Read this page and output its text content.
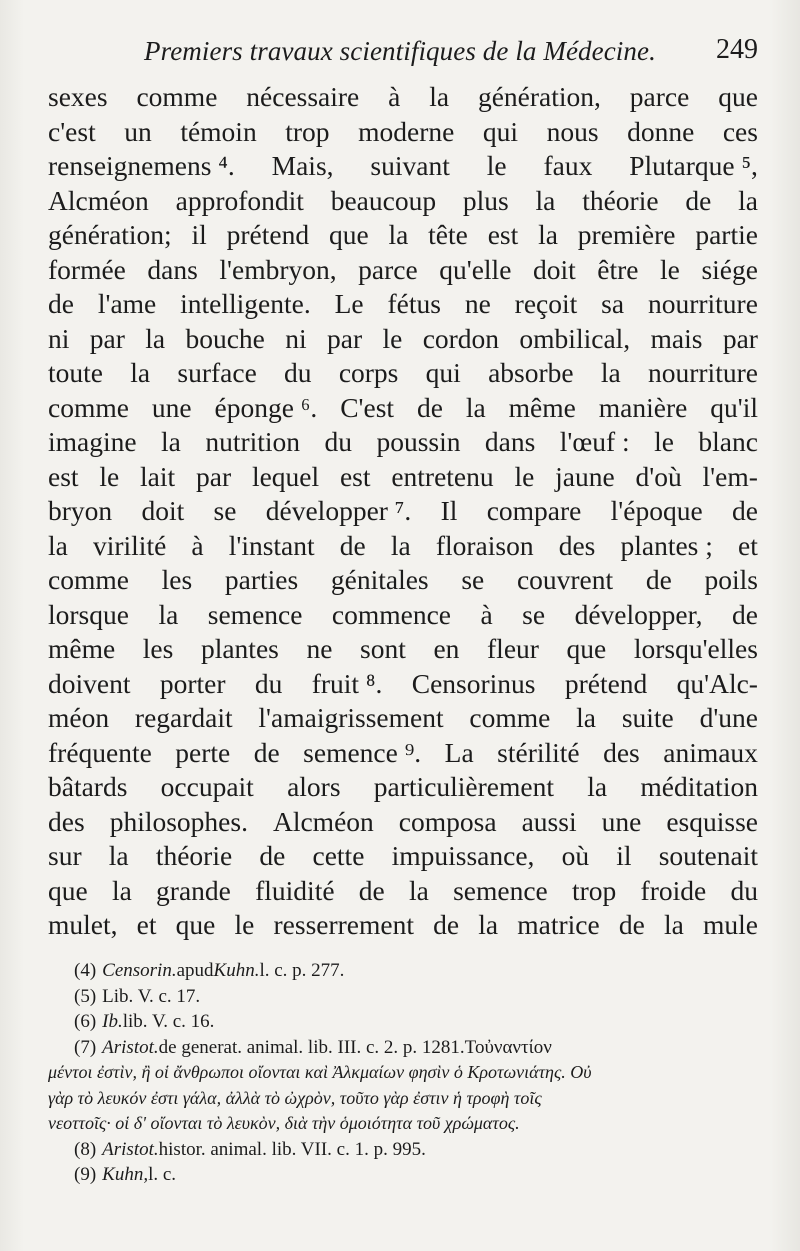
Premiers travaux scientifiques de la Médecine. 249
sexes comme nécessaire à la génération, parce que
c'est un témoin trop moderne qui nous donne ces
renseignemens ⁴. Mais, suivant le faux Plutarque ⁵,
Alcméon approfondit beaucoup plus la théorie de la
génération; il prétend que la tête est la première partie
formée dans l'embryon, parce qu'elle doit être le siége
de l'ame intelligente. Le fétus ne reçoit sa nourriture
ni par la bouche ni par le cordon ombilical, mais par
toute la surface du corps qui absorbe la nourriture
comme une éponge ⁶. C'est de la même manière qu'il
imagine la nutrition du poussin dans l'œuf : le blanc
est le lait par lequel est entretenu le jaune d'où l'em-
bryon doit se développer ⁷. Il compare l'époque de
la virilité à l'instant de la floraison des plantes ; et
comme les parties génitales se couvrent de poils
lorsque la semence commence à se développer, de
même les plantes ne sont en fleur que lorsqu'elles
doivent porter du fruit ⁸. Censorinus prétend qu'Alc-
méon regardait l'amaigrissement comme la suite d'une
fréquente perte de semence ⁹. La stérilité des animaux
bâtards occupait alors particulièrement la méditation
des philosophes. Alcméon composa aussi une esquisse
sur la théorie de cette impuissance, où il soutenait
que la grande fluidité de la semence trop froide du
mulet, et que le resserrement de la matrice de la mule
(4) Censorin. apud Kuhn. l. c. p. 277.
(5) Lib. V. c. 17.
(6) Ib. lib. V. c. 16.
(7) Aristot. de generat. animal. lib. III. c. 2. p. 1281. Τοὐναντίον
μέντοι ἐστὶν, ἢ οἱ ἄνθρωποι οἴονται καὶ Ἀλκμαίων φησὶν ὁ Κροτωνιάτης. Οὐ
γὰρ τὸ λευκόν ἐστι γάλα, ἀλλὰ τὸ ὠχρὸν, τοῦτο γὰρ ἐστιν ἡ τροφὴ τοῖς
νεοττοῖς· οἱ δ' οἴονται τὸ λευκὸν, διὰ τὴν ὁμοιότητα τοῦ χρώματος.
(8) Aristot. histor. animal. lib. VII. c. 1. p. 995.
(9) Kuhn, l. c.
